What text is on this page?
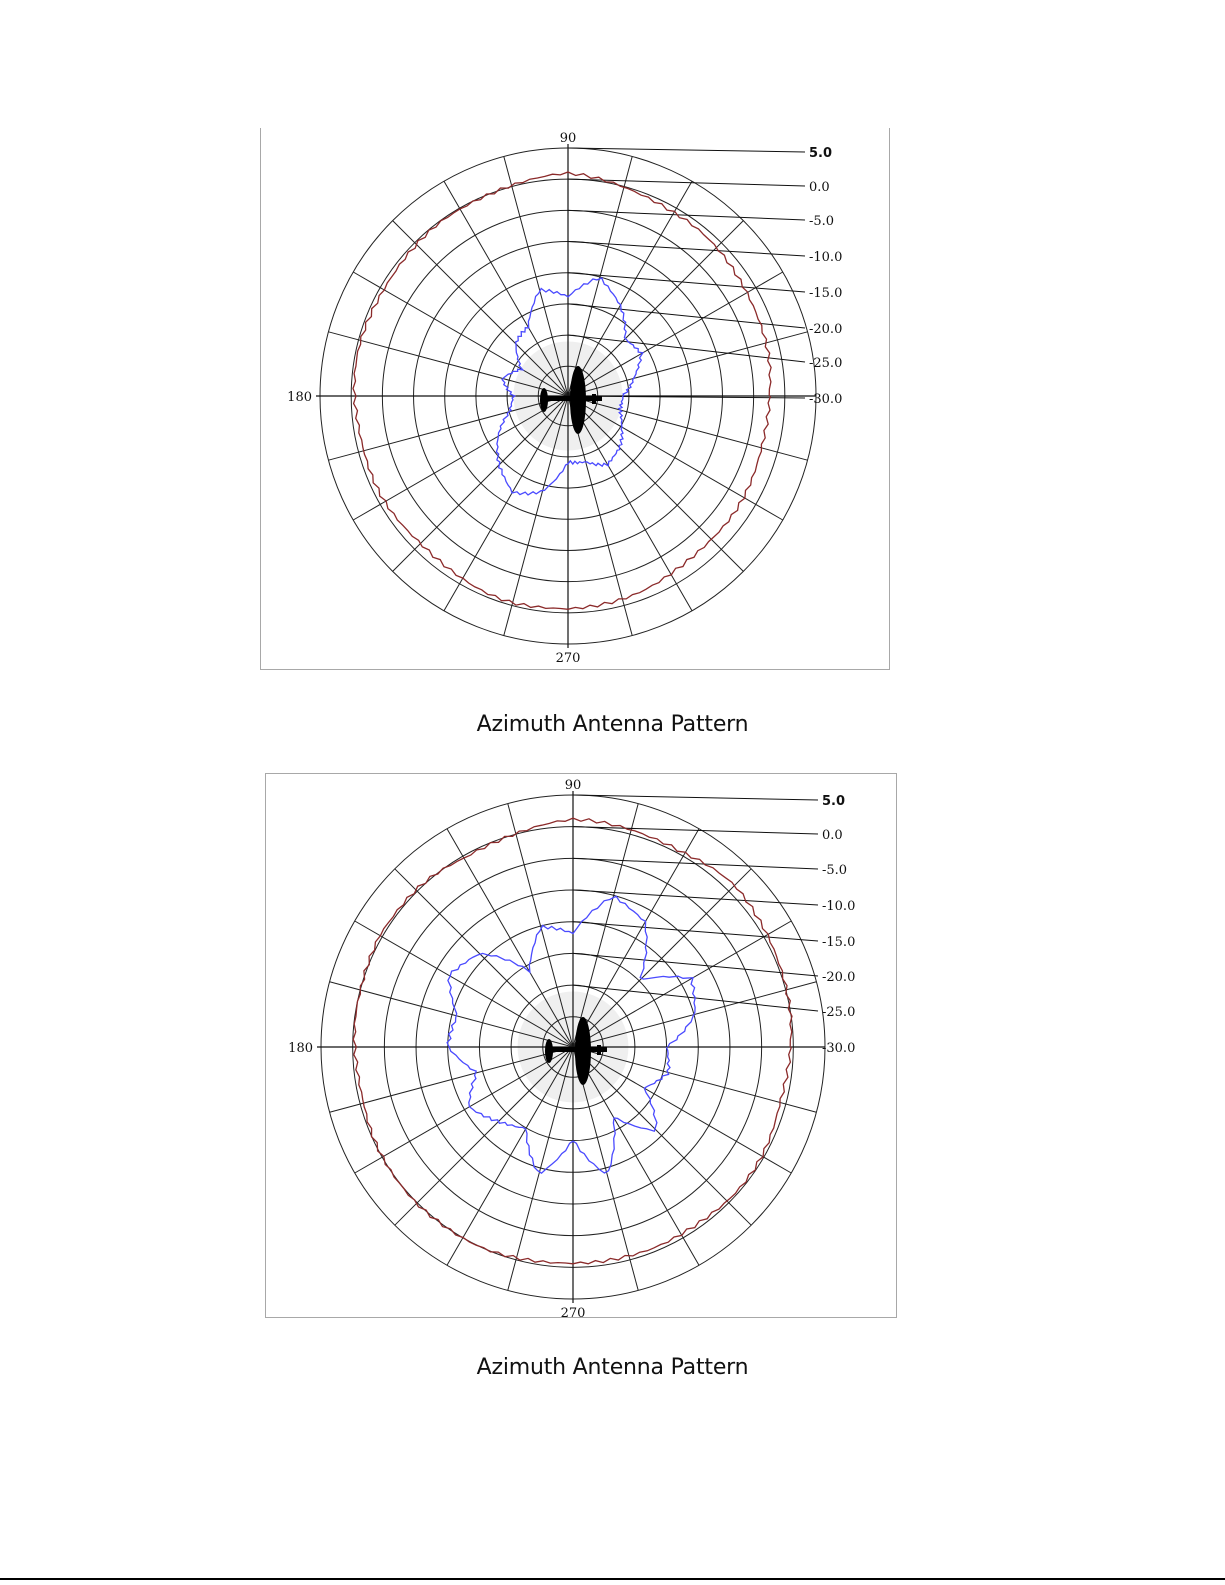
5.0
0.0
-5.0
-10.0
-15.0
-20.0
-25.0
-30.0
90
180
270
Azimuth Antenna Pattern
5.0
0.0
-5.0
-10.0
-15.0
-20.0
-25.0
-30.0
90
180
270
Azimuth Antenna Pattern
